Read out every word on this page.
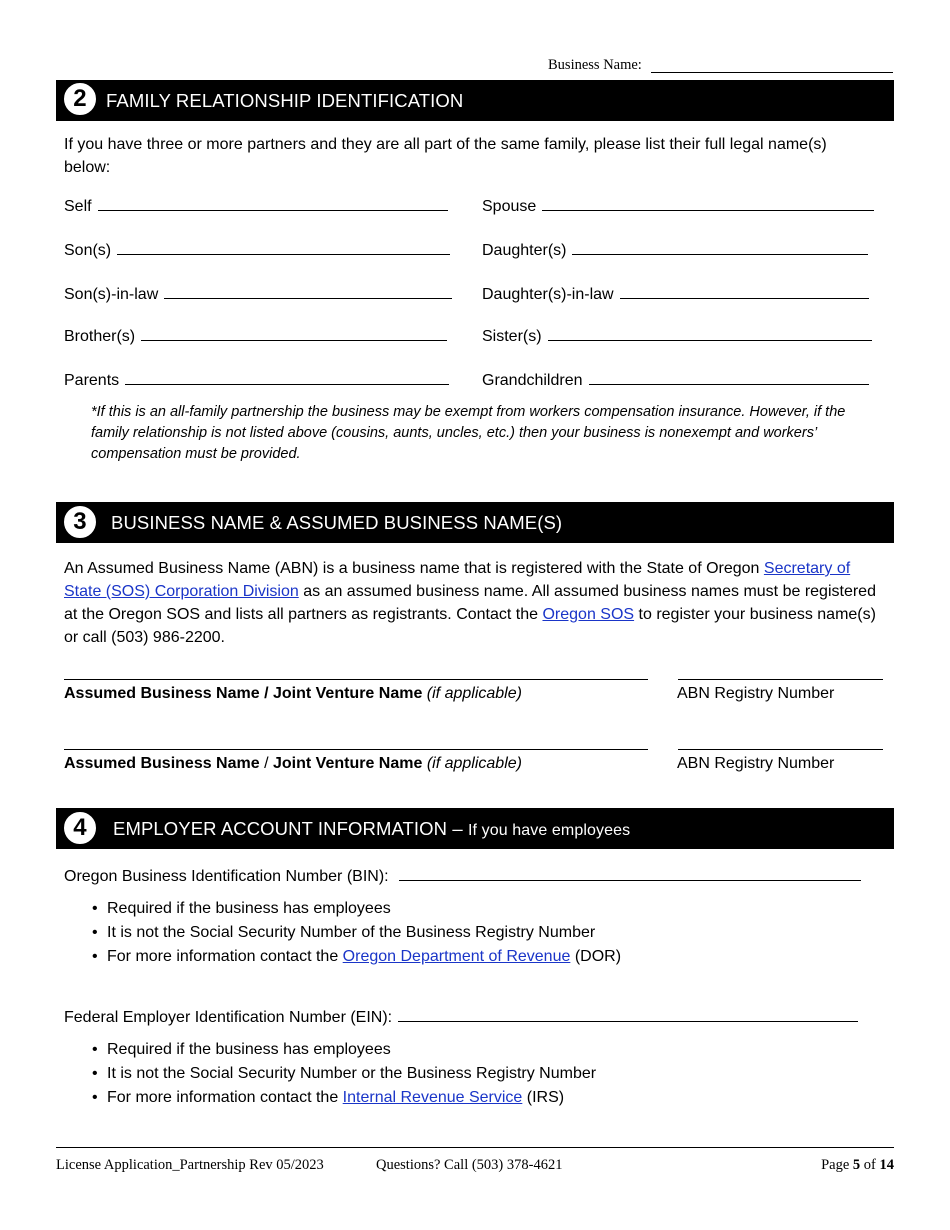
Business Name:
2	FAMILY RELATIONSHIP IDENTIFICATION
If you have three or more partners and they are all part of the same family, please list their full legal name(s) below:
Self	Spouse
Son(s)	Daughter(s)
Son(s)-in-law	Daughter(s)-in-law
Brother(s)	Sister(s)
Parents	Grandchildren
*If this is an all-family partnership the business may be exempt from workers compensation insurance. However, if the family relationship is not listed above (cousins, aunts, uncles, etc.) then your business is nonexempt and workers’ compensation must be provided.
3	BUSINESS NAME & ASSUMED BUSINESS NAME(S)
An Assumed Business Name (ABN) is a business name that is registered with the State of Oregon Secretary of State (SOS) Corporation Division as an assumed business name. All assumed business names must be registered at the Oregon SOS and lists all partners as registrants. Contact the Oregon SOS to register your business name(s) or call (503) 986-2200.
Assumed Business Name / Joint Venture Name (if applicable)	ABN Registry Number
Assumed Business Name / Joint Venture Name (if applicable)	ABN Registry Number
4	EMPLOYER ACCOUNT INFORMATION – If you have employees
Oregon Business Identification Number (BIN):
• Required if the business has employees
• It is not the Social Security Number of the Business Registry Number
• For more information contact the Oregon Department of Revenue (DOR)
Federal Employer Identification Number (EIN):
• Required if the business has employees
• It is not the Social Security Number or the Business Registry Number
• For more information contact the Internal Revenue Service (IRS)
License Application_Partnership Rev 05/2023	Questions? Call (503) 378-4621	Page 5 of 14
